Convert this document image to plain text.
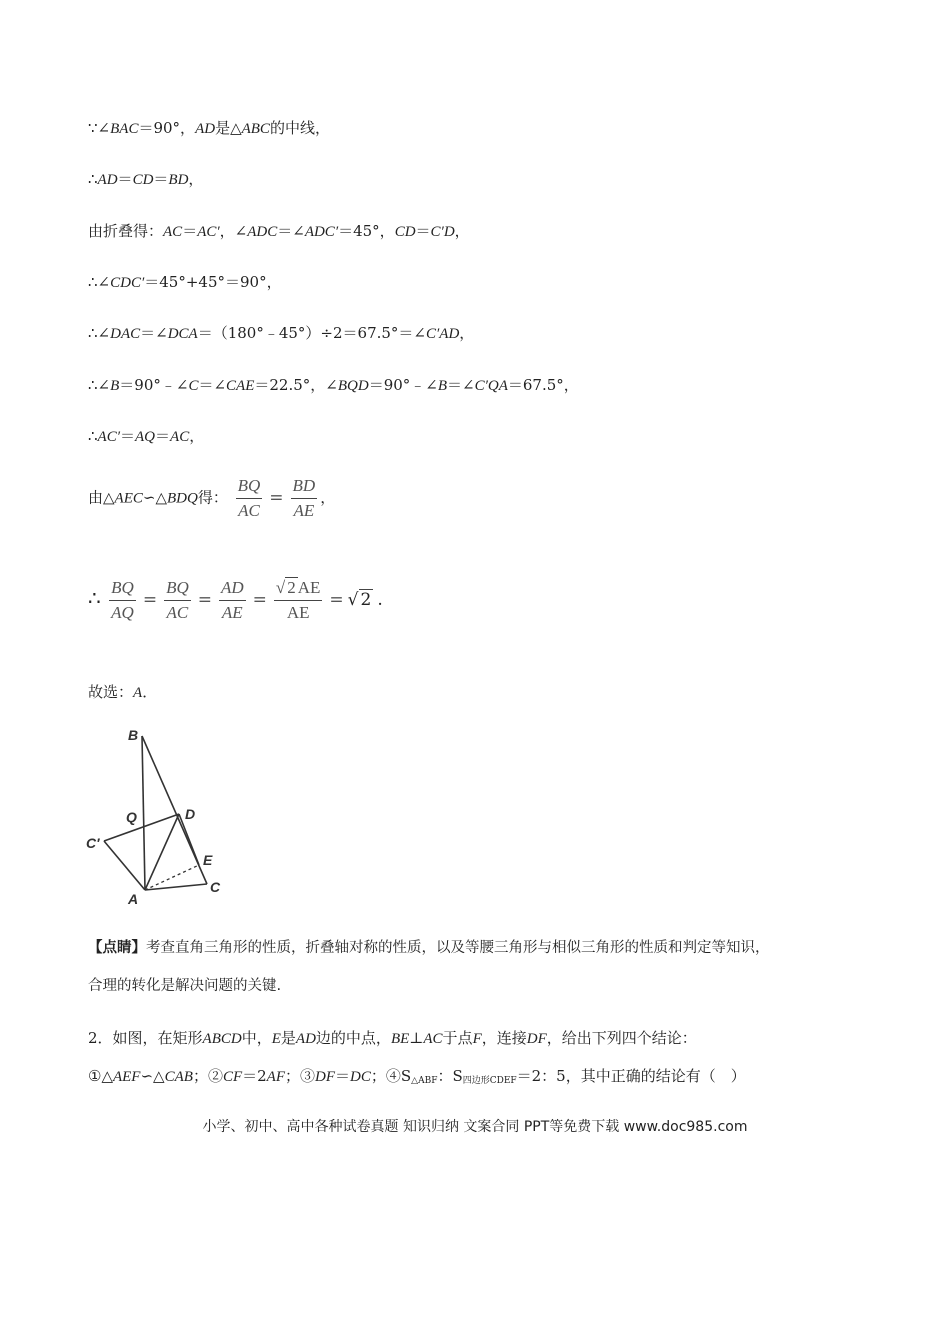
∵∠BAC＝90°，AD是△ABC的中线，
∴AD＝CD＝BD，
由折叠得：AC＝AC′，∠ADC＝∠ADC′＝45°，CD＝C′D，
∴∠CDC′＝45°+45°＝90°，
∴∠DAC＝∠DCA＝（180°﹣45°）÷2＝67.5°＝∠C′AD，
∴∠B＝90°﹣∠C＝∠CAE＝22.5°，∠BQD＝90°﹣∠B＝∠C′QA＝67.5°，
∴AC′＝AQ＝AC，
由△AEC∽△BDQ得： $\frac{BQ}{AC} = \frac{BD}{AE}$ ，
∴ $\frac{BQ}{AQ} = \frac{BQ}{AC} = \frac{AD}{AE} = \frac{√ 2 AE}{AE}$ = √ 2 .
故选：A．
B
Q	D
C′
E
A
C
【点睛】考查直角三角形的性质，折叠轴对称的性质，以及等腰三角形与相似三角形的性质和判定等知识，
合理的转化是解决问题的关键.
2．如图，在矩形ABCD中，E是AD边的中点，BE⊥AC于点F，连接DF，给出下列四个结论：
①△AEF∽△CAB；②CF＝2AF；③DF＝DC；$④S_{\triangle ABF}$：$S_{四边形CDEF}=2$：5，其中正确的结论有（　）
小学、初中、高中各种试卷真题 知识归纳 文案合同 PPT等免费下载 www.doc985.com
